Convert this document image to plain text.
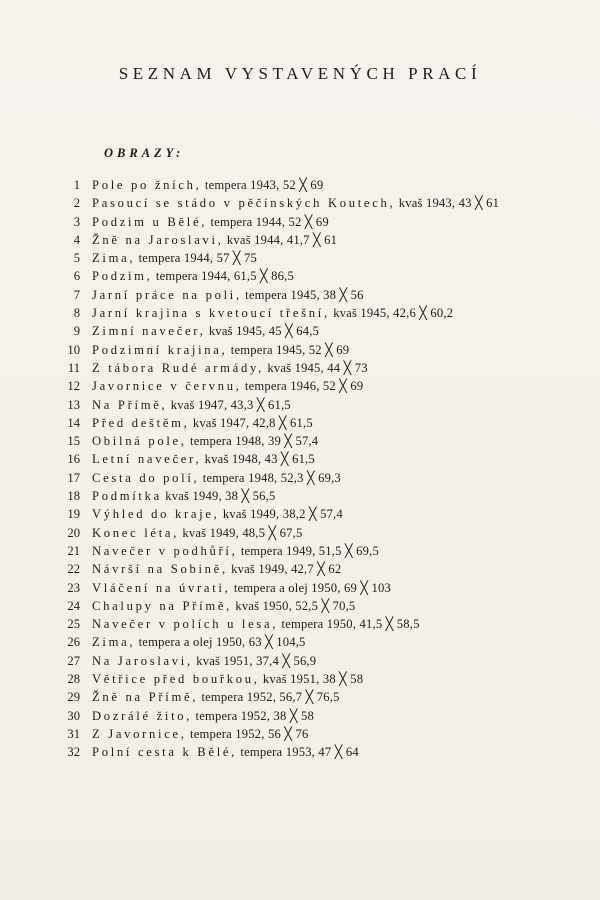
SEZNAM VYSTAVENÝCH PRACÍ
OBRAZY:
1 Pole po žních, tempera 1943, 52 ╳ 69
2 Pasoucí se stádo v pěčínských Koutech, kvaš 1943, 43 ╳ 61
3 Podzim u Bělé, tempera 1944, 52 ╳ 69
4 Žně na Jaroslavi, kvaš 1944, 41,7 ╳ 61
5 Zima, tempera 1944, 57 ╳ 75
6 Podzim, tempera 1944, 61,5 ╳ 86,5
7 Jarní práce na poli, tempera 1945, 38 ╳ 56
8 Jarní krajina s kvetoucí třešní, kvaš 1945, 42,6 ╳ 60,2
9 Zimní navečer, kvaš 1945, 45 ╳ 64,5
10 Podzimní krajina, tempera 1945, 52 ╳ 69
11 Z tábora Rudé armády, kvaš 1945, 44 ╳ 73
12 Javornice v červnu, tempera 1946, 52 ╳ 69
13 Na Přímě, kvaš 1947, 43,3 ╳ 61,5
14 Před deštěm, kvaš 1947, 42,8 ╳ 61,5
15 Obilná pole, tempera 1948, 39 ╳ 57,4
16 Letní navečer, kvaš 1948, 43 ╳ 61,5
17 Cesta do polí, tempera 1948, 52,3 ╳ 69,3
18 Podmítka kvaš 1949, 38 ╳ 56,5
19 Výhled do kraje, kvaš 1949, 38,2 ╳ 57,4
20 Konec léta, kvaš 1949, 48,5 ╳ 67,5
21 Navečer v podhůří, tempera 1949, 51,5 ╳ 69,5
22 Návrší na Sobině, kvaš 1949, 42,7 ╳ 62
23 Vláčení na úvrati, tempera a olej 1950, 69 ╳ 103
24 Chalupy na Přímě, kvaš 1950, 52,5 ╳ 70,5
25 Navečer v polích u lesa, tempera 1950, 41,5 ╳ 58,5
26 Zima, tempera a olej 1950, 63 ╳ 104,5
27 Na Jaroslavi, kvaš 1951, 37,4 ╳ 56,9
28 Větřice před bouřkou, kvaš 1951, 38 ╳ 58
29 Žně na Přímě, tempera 1952, 56,7 ╳ 76,5
30 Dozrálé žito, tempera 1952, 38 ╳ 58
31 Z Javornice, tempera 1952, 56 ╳ 76
32 Polní cesta k Bělé, tempera 1953, 47 ╳ 64
